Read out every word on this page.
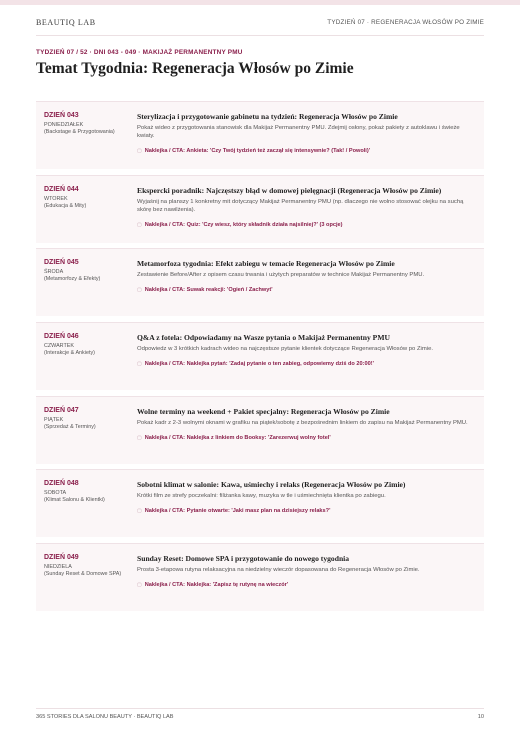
BEAUTIQ LAB	TYDZIEŃ 07 · REGENERACJA WŁOSÓW PO ZIMIE
TYDZIEŃ 07 / 52 · DNI 043 - 049 · MAKIJAŻ PERMANENTNY PMU
Temat Tygodnia: Regeneracja Włosów po Zimie
DZIEŃ 043
PONIEDZIAŁEK
(Backstage & Przygotowania)
Sterylizacja i przygotowanie gabinetu na tydzień: Regeneracja Włosów po Zimie
Pokaż wideo z przygotowania stanowisk dla Makijaż Permanentny PMU. Zdejmij osłony, pokaż pakiety z autoklawu i świeże kwiaty.
▢ Naklejka / CTA: Ankieta: 'Czy Twój tydzień też zaczął się intensywnie? (Tak! / Powoli)'
DZIEŃ 044
WTOREK
(Edukacja & Mity)
Ekspercki poradnik: Najczęstszy błąd w domowej pielęgnacji (Regeneracja Włosów po Zimie)
Wyjaśnij na planszy 1 konkretny mit dotyczący Makijaż Permanentny PMU (np. dlaczego nie wolno stosować olejku na suchą skórę bez nawilżenia).
▢ Naklejka / CTA: Quiz: 'Czy wiesz, który składnik działa najsilniej?' (3 opcje)
DZIEŃ 045
ŚRODA
(Metamorfozy & Efekty)
Metamorfoza tygodnia: Efekt zabiegu w temacie Regeneracja Włosów po Zimie
Zestawienie Before/After z opisem czasu trwania i użytych preparatów w technice Makijaż Permanentny PMU.
▢ Naklejka / CTA: Suwak reakcji: 'Ogień / Zachwyt'
DZIEŃ 046
CZWARTEK
(Interakcje & Ankiety)
Q&A z fotela: Odpowiadamy na Wasze pytania o Makijaż Permanentny PMU
Odpowiedz w 3 krótkich kadrach wideo na najczęstsze pytanie klientek dotyczące Regeneracja Włosów po Zimie.
▢ Naklejka / CTA: Naklejka pytań: 'Zadaj pytanie o ten zabieg, odpowiemy dziś do 20:00!'
DZIEŃ 047
PIĄTEK
(Sprzedaż & Terminy)
Wolne terminy na weekend + Pakiet specjalny: Regeneracja Włosów po Zimie
Pokaż kadr z 2-3 wolnymi oknami w grafiku na piątek/sobotę z bezpośrednim linkiem do zapisu na Makijaż Permanentny PMU.
▢ Naklejka / CTA: Naklejka z linkiem do Booksy: 'Zarezerwuj wolny fotel'
DZIEŃ 048
SOBOTA
(Klimat Salonu & Klientki)
Sobotni klimat w salonie: Kawa, uśmiechy i relaks (Regeneracja Włosów po Zimie)
Krótki film ze strefy poczekalni: filiżanka kawy, muzyka w tle i uśmiechnięta klientka po zabiegu.
▢ Naklejka / CTA: Pytanie otwarte: 'Jaki masz plan na dzisiejszy relaks?'
DZIEŃ 049
NIEDZIELA
(Sunday Reset & Domowe SPA)
Sunday Reset: Domowe SPA i przygotowanie do nowego tygodnia
Prosta 3-etapowa rutyna relaksacyjna na niedzielny wieczór dopasowana do Regeneracja Włosów po Zimie.
▢ Naklejka / CTA: Naklejka: 'Zapisz tę rutynę na wieczór'
365 STORIES DLA SALONU BEAUTY · BEAUTIQ LAB	10
